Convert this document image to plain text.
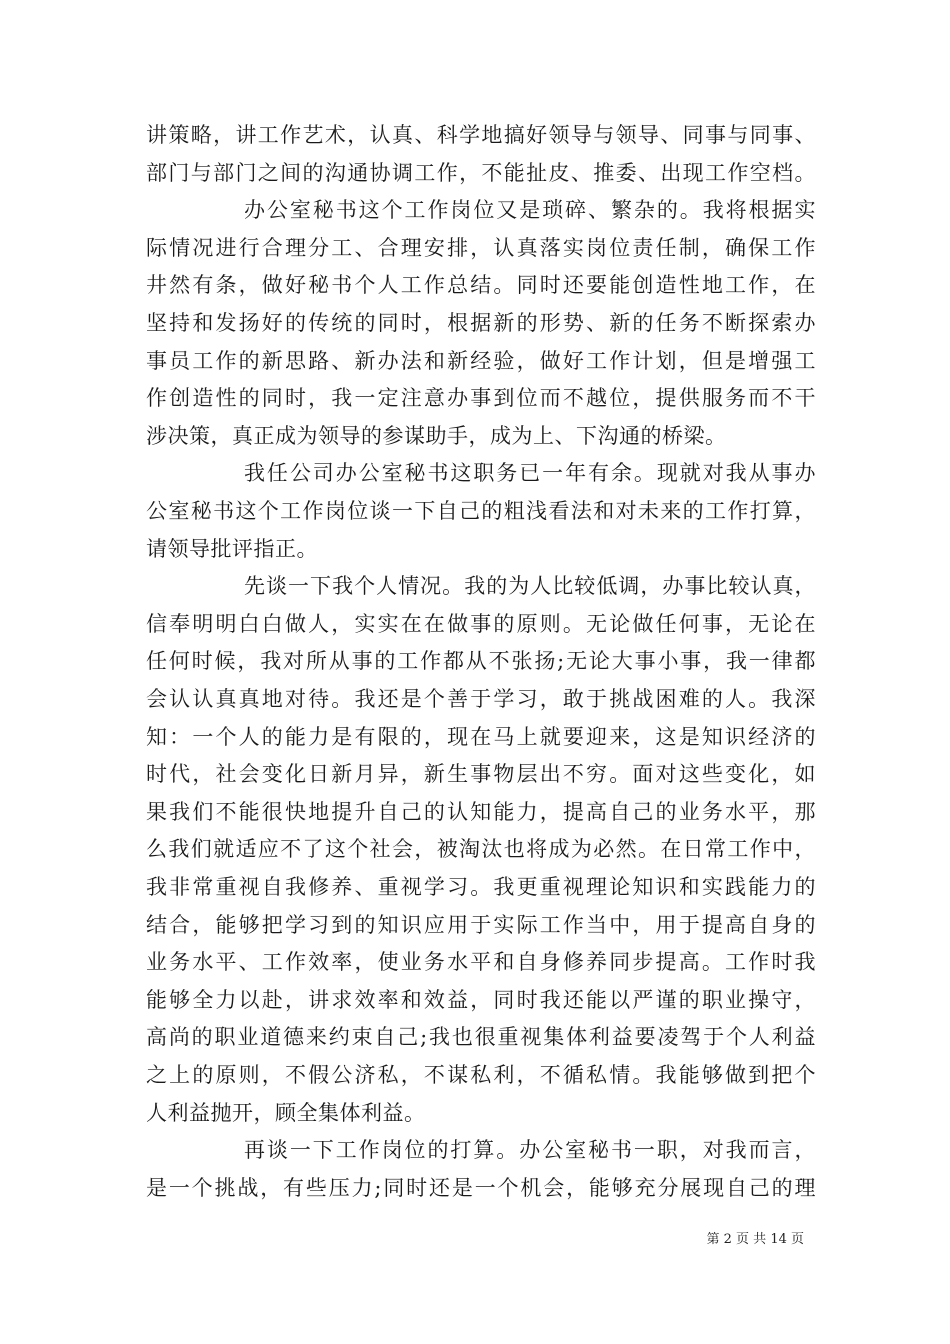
讲策略，讲工作艺术，认真、科学地搞好领导与领导、同事与同事、
部门与部门之间的沟通协调工作，不能扯皮、推委、出现工作空档。
办公室秘书这个工作岗位又是琐碎、繁杂的。我将根据实
际情况进行合理分工、合理安排，认真落实岗位责任制，确保工作
井然有条，做好秘书个人工作总结。同时还要能创造性地工作，在
坚持和发扬好的传统的同时，根据新的形势、新的任务不断探索办
事员工作的新思路、新办法和新经验，做好工作计划，但是增强工
作创造性的同时，我一定注意办事到位而不越位，提供服务而不干
涉决策，真正成为领导的参谋助手，成为上、下沟通的桥梁。
我任公司办公室秘书这职务已一年有余。现就对我从事办
公室秘书这个工作岗位谈一下自己的粗浅看法和对未来的工作打算，
请领导批评指正。
先谈一下我个人情况。我的为人比较低调，办事比较认真，
信奉明明白白做人，实实在在做事的原则。无论做任何事，无论在
任何时候，我对所从事的工作都从不张扬;无论大事小事，我一律都
会认认真真地对待。我还是个善于学习，敢于挑战困难的人。我深
知：一个人的能力是有限的，现在马上就要迎来，这是知识经济的
时代，社会变化日新月异，新生事物层出不穷。面对这些变化，如
果我们不能很快地提升自己的认知能力，提高自己的业务水平，那
么我们就适应不了这个社会，被淘汰也将成为必然。在日常工作中，
我非常重视自我修养、重视学习。我更重视理论知识和实践能力的
结合，能够把学习到的知识应用于实际工作当中，用于提高自身的
业务水平、工作效率，使业务水平和自身修养同步提高。工作时我
能够全力以赴，讲求效率和效益，同时我还能以严谨的职业操守，
高尚的职业道德来约束自己;我也很重视集体利益要凌驾于个人利益
之上的原则，不假公济私，不谋私利，不循私情。我能够做到把个
人利益抛开，顾全集体利益。
再谈一下工作岗位的打算。办公室秘书一职，对我而言，
是一个挑战，有些压力;同时还是一个机会，能够充分展现自己的理
第 2 页 共 14 页
